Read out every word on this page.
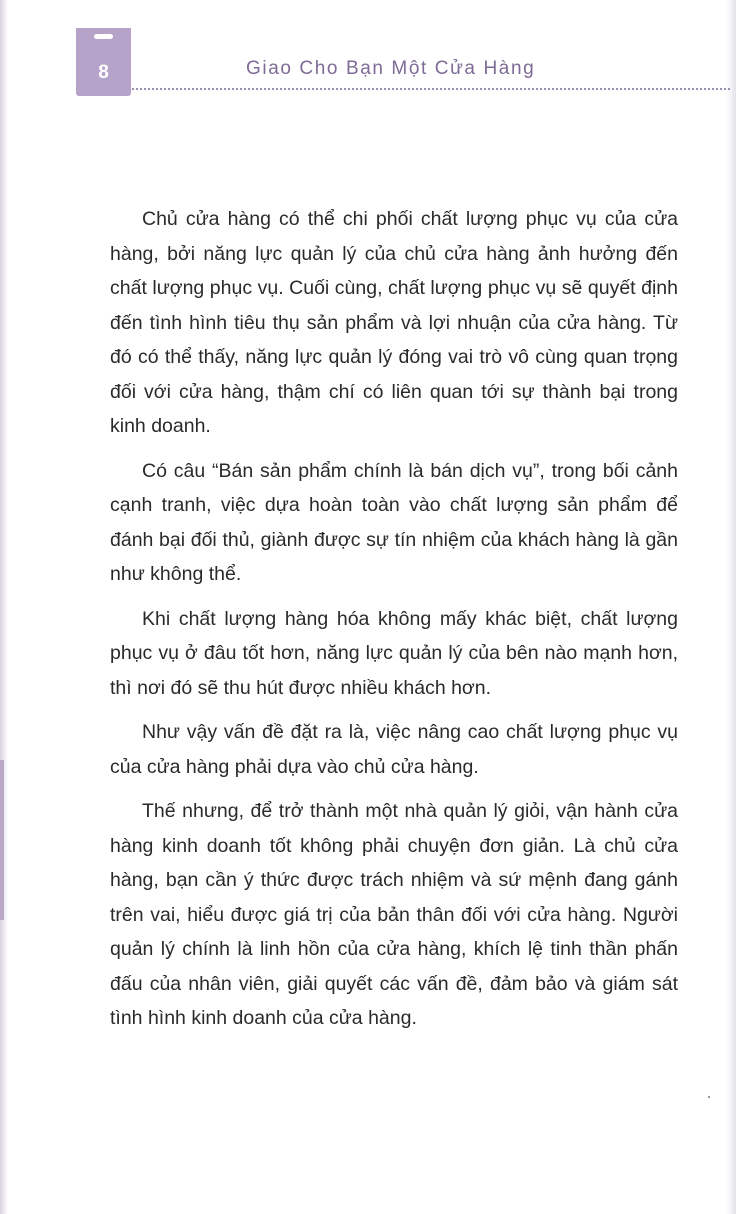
8	Giao Cho Bạn Một Cửa Hàng

Chủ cửa hàng có thể chi phối chất lượng phục vụ của cửa hàng, bởi năng lực quản lý của chủ cửa hàng ảnh hưởng đến chất lượng phục vụ. Cuối cùng, chất lượng phục vụ sẽ quyết định đến tình hình tiêu thụ sản phẩm và lợi nhuận của cửa hàng. Từ đó có thể thấy, năng lực quản lý đóng vai trò vô cùng quan trọng đối với cửa hàng, thậm chí có liên quan tới sự thành bại trong kinh doanh.

Có câu “Bán sản phẩm chính là bán dịch vụ”, trong bối cảnh cạnh tranh, việc dựa hoàn toàn vào chất lượng sản phẩm để đánh bại đối thủ, giành được sự tín nhiệm của khách hàng là gần như không thể.

Khi chất lượng hàng hóa không mấy khác biệt, chất lượng phục vụ ở đâu tốt hơn, năng lực quản lý của bên nào mạnh hơn, thì nơi đó sẽ thu hút được nhiều khách hơn.

Như vậy vấn đề đặt ra là, việc nâng cao chất lượng phục vụ của cửa hàng phải dựa vào chủ cửa hàng.

Thế nhưng, để trở thành một nhà quản lý giỏi, vận hành cửa hàng kinh doanh tốt không phải chuyện đơn giản. Là chủ cửa hàng, bạn cần ý thức được trách nhiệm và sứ mệnh đang gánh trên vai, hiểu được giá trị của bản thân đối với cửa hàng. Người quản lý chính là linh hồn của cửa hàng, khích lệ tinh thần phấn đấu của nhân viên, giải quyết các vấn đề, đảm bảo và giám sát tình hình kinh doanh của cửa hàng.
